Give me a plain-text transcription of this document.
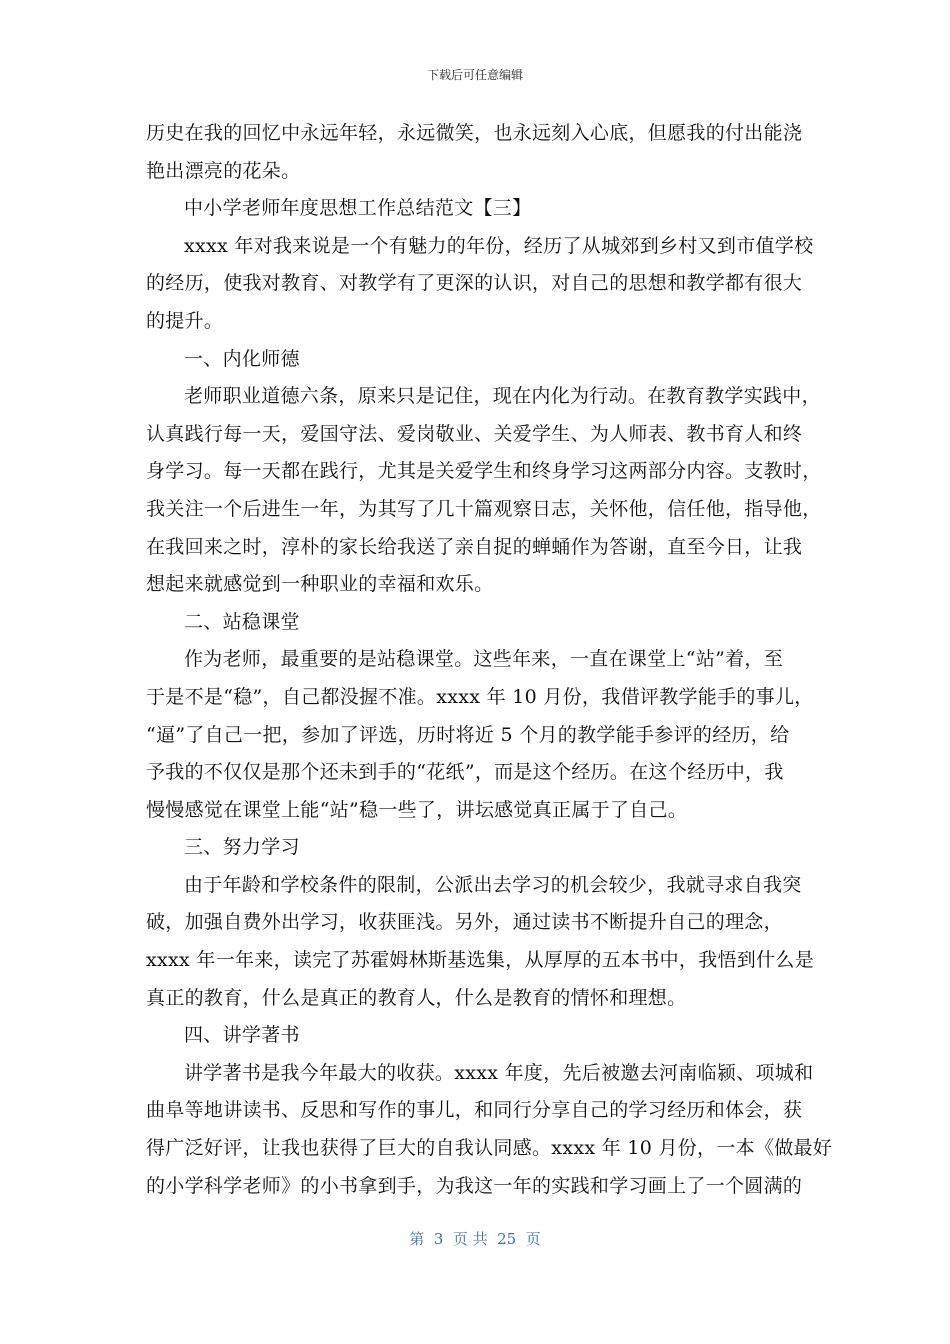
下载后可任意编辑
历史在我的回忆中永远年轻，永远微笑，也永远刻入心底，但愿我的付出能浇
艳出漂亮的花朵。
中小学老师年度思想工作总结范文【三】
xxxx 年对我来说是一个有魅力的年份，经历了从城郊到乡村又到市值学校
的经历，使我对教育、对教学有了更深的认识，对自己的思想和教学都有很大
的提升。
一、内化师德
老师职业道德六条，原来只是记住，现在内化为行动。在教育教学实践中，
认真践行每一天，爱国守法、爱岗敬业、关爱学生、为人师表、教书育人和终
身学习。每一天都在践行，尤其是关爱学生和终身学习这两部分内容。支教时，
我关注一个后进生一年，为其写了几十篇观察日志，关怀他，信任他，指导他，
在我回来之时，淳朴的家长给我送了亲自捉的蝉蛹作为答谢，直至今日，让我
想起来就感觉到一种职业的幸福和欢乐。
二、站稳课堂
作为老师，最重要的是站稳课堂。这些年来，一直在课堂上“站”着，至
于是不是“稳”，自己都没握不准。xxxx 年 10 月份，我借评教学能手的事儿，
“逼”了自己一把，参加了评选，历时将近 5 个月的教学能手参评的经历，给
予我的不仅仅是那个还未到手的“花纸”，而是这个经历。在这个经历中，我
慢慢感觉在课堂上能“站”稳一些了，讲坛感觉真正属于了自己。
三、努力学习
由于年龄和学校条件的限制，公派出去学习的机会较少，我就寻求自我突
破，加强自费外出学习，收获匪浅。另外，通过读书不断提升自己的理念，
xxxx 年一年来，读完了苏霍姆林斯基选集，从厚厚的五本书中，我悟到什么是
真正的教育，什么是真正的教育人，什么是教育的情怀和理想。
四、讲学著书
讲学著书是我今年最大的收获。xxxx 年度，先后被邀去河南临颍、项城和
曲阜等地讲读书、反思和写作的事儿，和同行分享自己的学习经历和体会，获
得广泛好评，让我也获得了巨大的自我认同感。xxxx 年 10 月份，一本《做最好
的小学科学老师》的小书拿到手，为我这一年的实践和学习画上了一个圆满的
第  3  页 共  25  页
